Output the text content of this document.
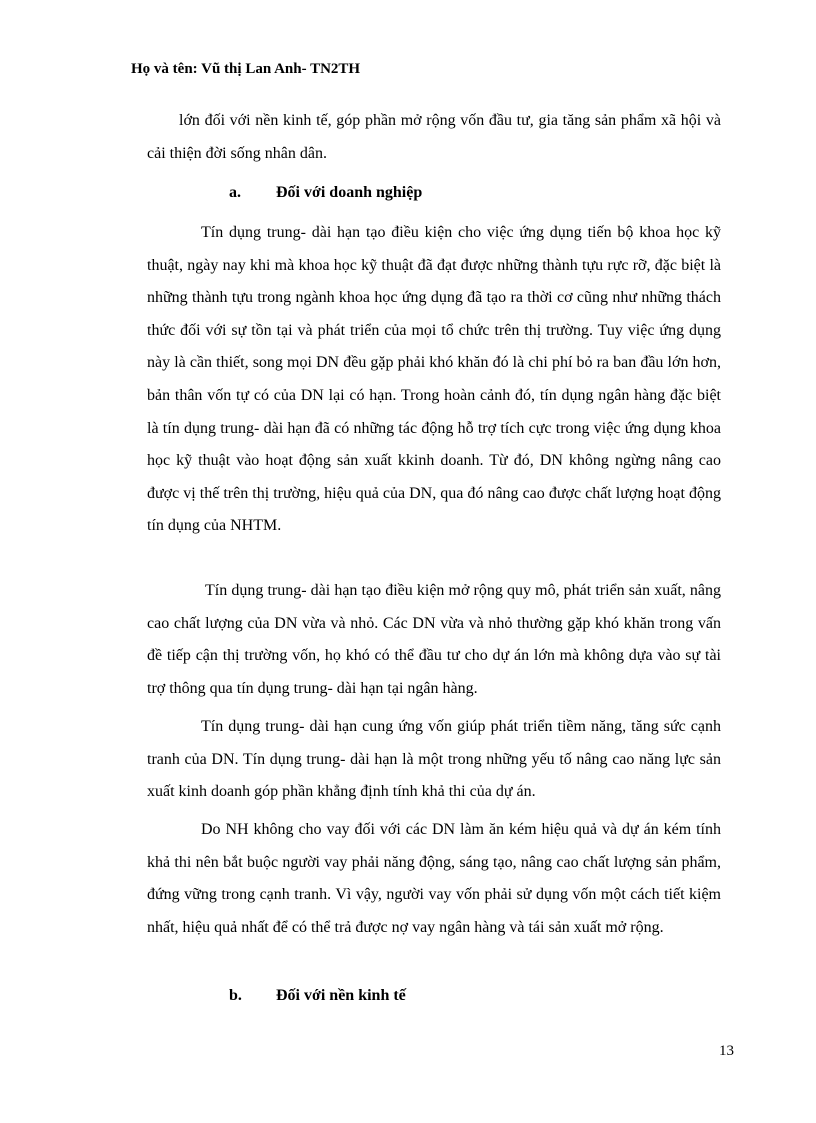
Họ và tên: Vũ thị Lan Anh- TN2TH

lớn đối với nền kinh tế, góp phần mở rộng vốn đầu tư, gia tăng sản phẩm xã hội và cải thiện đời sống nhân dân.

a. Đối với doanh nghiệp

Tín dụng trung- dài hạn tạo điều kiện cho việc ứng dụng tiến bộ khoa học kỹ thuật, ngày nay khi mà khoa học kỹ thuật đã đạt được những thành tựu rực rỡ, đặc biệt là những thành tựu trong ngành khoa học ứng dụng đã tạo ra thời cơ cũng như những thách thức đối với sự tồn tại và phát triển của mọi tổ chức trên thị trường. Tuy việc ứng dụng này là cần thiết, song mọi DN đều gặp phải khó khăn đó là chi phí bỏ ra ban đầu lớn hơn, bản thân vốn tự có của DN lại có hạn. Trong hoàn cảnh đó, tín dụng ngân hàng đặc biệt là tín dụng trung- dài hạn đã có những tác động hỗ trợ tích cực trong việc ứng dụng khoa học kỹ thuật vào hoạt động sản xuất kkinh doanh. Từ đó, DN không ngừng nâng cao được vị thế trên thị trường, hiệu quả của DN, qua đó nâng cao được chất lượng hoạt động tín dụng của NHTM.

Tín dụng trung- dài hạn tạo điều kiện mở rộng quy mô, phát triển sản xuất, nâng cao chất lượng của DN vừa và nhỏ. Các DN vừa và nhỏ thường gặp khó khăn trong vấn đề tiếp cận thị trường vốn, họ khó có thể đầu tư cho dự án lớn mà không dựa vào sự tài trợ thông qua tín dụng trung- dài hạn tại ngân hàng.

Tín dụng trung- dài hạn cung ứng vốn giúp phát triển tiềm năng, tăng sức cạnh tranh của DN. Tín dụng trung- dài hạn là một trong những yếu tố nâng cao năng lực sản xuất kinh doanh góp phần khẳng định tính khả thi của dự án.

Do NH không cho vay đối với các DN làm ăn kém hiệu quả và dự án kém tính khả thi nên bắt buộc người vay phải năng động, sáng tạo, nâng cao chất lượng sản phẩm, đứng vững trong cạnh tranh. Vì vậy, người vay vốn phải sử dụng vốn một cách tiết kiệm nhất, hiệu quả nhất để có thể trả được nợ vay ngân hàng và tái sản xuất mở rộng.

b. Đối với nền kinh tế
13
